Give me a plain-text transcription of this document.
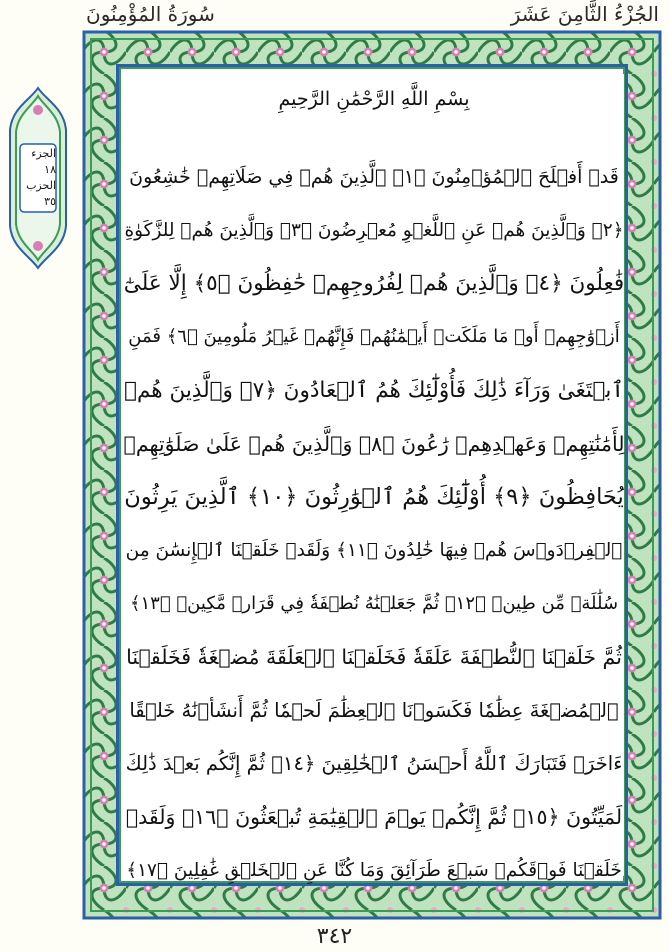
الجُزْءُ الثَّامِنَ عَشَرَ
سُورَةُ المُؤْمِنُونَ
الجزء ١٨
الحزب ٣٥
بِسْمِ اللَّهِ الرَّحْمَٰنِ الرَّحِيمِ
قَدۡ أَفۡلَحَ ٱلۡمُؤۡمِنُونَ ﴿١﴾ ٱلَّذِينَ هُمۡ فِي صَلَاتِهِمۡ خَٰشِعُونَ
﴿٢﴾ وَٱلَّذِينَ هُمۡ عَنِ ٱللَّغۡوِ مُعۡرِضُونَ ﴿٣﴾ وَٱلَّذِينَ هُمۡ لِلزَّكَوٰةِ
فَٰعِلُونَ ﴿٤﴾ وَٱلَّذِينَ هُمۡ لِفُرُوجِهِمۡ حَٰفِظُونَ ﴿٥﴾ إِلَّا عَلَىٰٓ
أَزۡوَٰجِهِمۡ أَوۡ مَا مَلَكَتۡ أَيۡمَٰنُهُمۡ فَإِنَّهُمۡ غَيۡرُ مَلُومِينَ ﴿٦﴾ فَمَنِ
ٱبۡتَغَىٰ وَرَآءَ ذَٰلِكَ فَأُوْلَٰٓئِكَ هُمُ ٱلۡعَادُونَ ﴿٧﴾ وَٱلَّذِينَ هُمۡ
لِأَمَٰنَٰتِهِمۡ وَعَهۡدِهِمۡ رَٰعُونَ ﴿٨﴾ وَٱلَّذِينَ هُمۡ عَلَىٰ صَلَوَٰتِهِمۡ
يُحَافِظُونَ ﴿٩﴾ أُوْلَٰٓئِكَ هُمُ ٱلۡوَٰرِثُونَ ﴿١٠﴾ ٱلَّذِينَ يَرِثُونَ
ٱلۡفِرۡدَوۡسَ هُمۡ فِيهَا خَٰلِدُونَ ﴿١١﴾ وَلَقَدۡ خَلَقۡنَا ٱلۡإِنسَٰنَ مِن
سُلَٰلَةٖ مِّن طِينٖ ﴿١٢﴾ ثُمَّ جَعَلۡنَٰهُ نُطۡفَةٗ فِي قَرَارٖ مَّكِينٖ ﴿١٣﴾
ثُمَّ خَلَقۡنَا ٱلنُّطۡفَةَ عَلَقَةٗ فَخَلَقۡنَا ٱلۡعَلَقَةَ مُضۡغَةٗ فَخَلَقۡنَا
ٱلۡمُضۡغَةَ عِظَٰمٗا فَكَسَوۡنَا ٱلۡعِظَٰمَ لَحۡمٗا ثُمَّ أَنشَأۡنَٰهُ خَلۡقًا
ءَاخَرَۚ فَتَبَارَكَ ٱللَّهُ أَحۡسَنُ ٱلۡخَٰلِقِينَ ﴿١٤﴾ ثُمَّ إِنَّكُم بَعۡدَ ذَٰلِكَ
لَمَيِّتُونَ ﴿١٥﴾ ثُمَّ إِنَّكُمۡ يَوۡمَ ٱلۡقِيَٰمَةِ تُبۡعَثُونَ ﴿١٦﴾ وَلَقَدۡ
خَلَقۡنَا فَوۡقَكُمۡ سَبۡعَ طَرَآئِقَ وَمَا كُنَّا عَنِ ٱلۡخَلۡقِ غَٰفِلِينَ ﴿١٧﴾
٣٤٢
